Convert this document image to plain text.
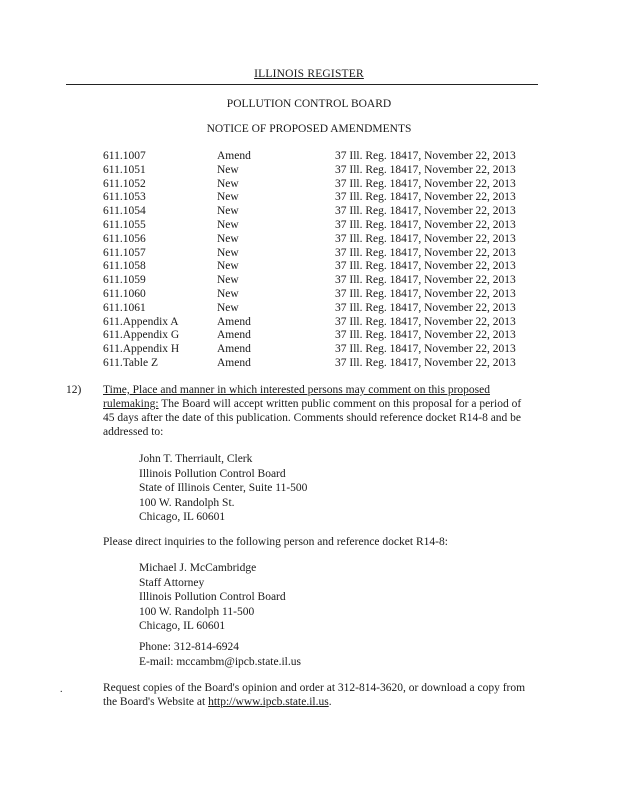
ILLINOIS REGISTER
POLLUTION CONTROL BOARD
NOTICE OF PROPOSED AMENDMENTS
611.1007	Amend	37 Ill. Reg. 18417, November 22, 2013
611.1051	New	37 Ill. Reg. 18417, November 22, 2013
611.1052	New	37 Ill. Reg. 18417, November 22, 2013
611.1053	New	37 Ill. Reg. 18417, November 22, 2013
611.1054	New	37 Ill. Reg. 18417, November 22, 2013
611.1055	New	37 Ill. Reg. 18417, November 22, 2013
611.1056	New	37 Ill. Reg. 18417, November 22, 2013
611.1057	New	37 Ill. Reg. 18417, November 22, 2013
611.1058	New	37 Ill. Reg. 18417, November 22, 2013
611.1059	New	37 Ill. Reg. 18417, November 22, 2013
611.1060	New	37 Ill. Reg. 18417, November 22, 2013
611.1061	New	37 Ill. Reg. 18417, November 22, 2013
611.Appendix A	Amend	37 Ill. Reg. 18417, November 22, 2013
611.Appendix G	Amend	37 Ill. Reg. 18417, November 22, 2013
611.Appendix H	Amend	37 Ill. Reg. 18417, November 22, 2013
611.Table Z	Amend	37 Ill. Reg. 18417, November 22, 2013
12) Time, Place and manner in which interested persons may comment on this proposed rulemaking: The Board will accept written public comment on this proposal for a period of 45 days after the date of this publication. Comments should reference docket R14-8 and be addressed to:
John T. Therriault, Clerk
Illinois Pollution Control Board
State of Illinois Center, Suite 11-500
100 W. Randolph St.
Chicago, IL 60601
Please direct inquiries to the following person and reference docket R14-8:
Michael J. McCambridge
Staff Attorney
Illinois Pollution Control Board
100 W. Randolph 11-500
Chicago, IL 60601
Phone: 312-814-6924
E-mail: mccambm@ipcb.state.il.us
.	Request copies of the Board's opinion and order at 312-814-3620, or download a copy from the Board's Website at http://www.ipcb.state.il.us.
